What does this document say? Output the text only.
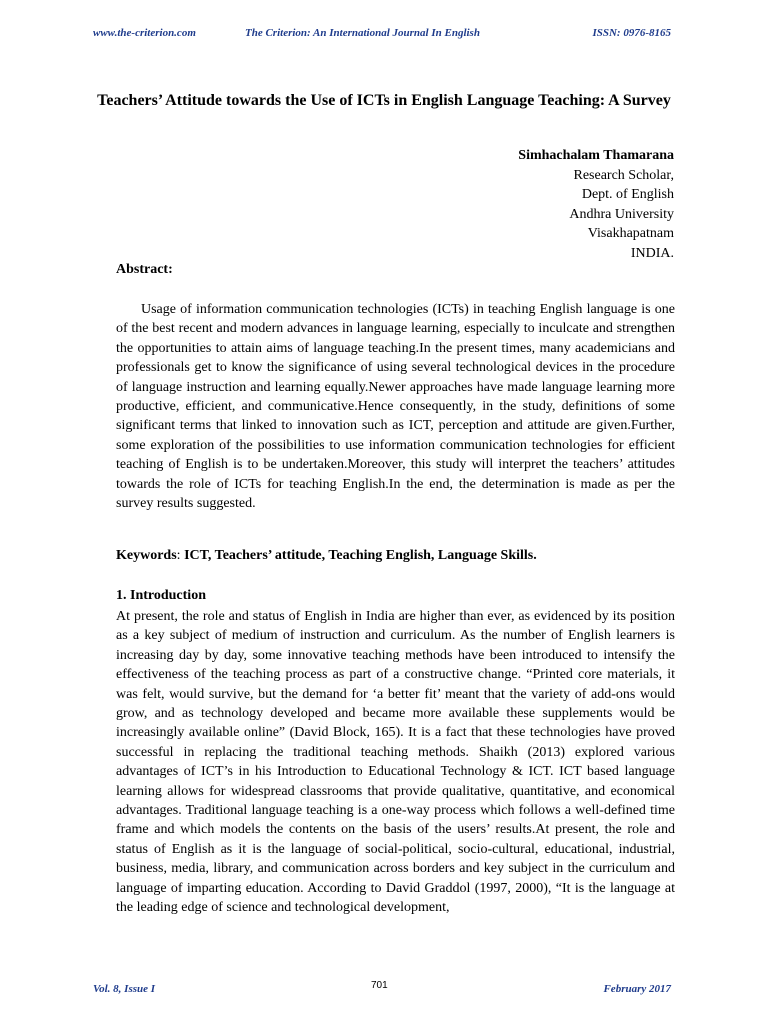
www.the-criterion.com	The Criterion: An International Journal In English	ISSN: 0976-8165
Teachers’ Attitude towards the Use of ICTs in English Language Teaching: A Survey
Simhachalam Thamarana
Research Scholar,
Dept. of English
Andhra University
Visakhapatnam
INDIA.
Abstract:

Usage of information communication technologies (ICTs) in teaching English language is one of the best recent and modern advances in language learning, especially to inculcate and strengthen the opportunities to attain aims of language teaching.In the present times, many academicians and professionals get to know the significance of using several technological devices in the procedure of language instruction and learning equally.Newer approaches have made language learning more productive, efficient, and communicative.Hence consequently, in the study, definitions of some significant terms that linked to innovation such as ICT, perception and attitude are given.Further, some exploration of the possibilities to use information communication technologies for efficient teaching of English is to be undertaken.Moreover, this study will interpret the teachers’ attitudes towards the role of ICTs for teaching English.In the end, the determination is made as per the survey results suggested.

Keywords: ICT, Teachers’ attitude, Teaching English, Language Skills.
1. Introduction

At present, the role and status of English in India are higher than ever, as evidenced by its position as a key subject of medium of instruction and curriculum. As the number of English learners is increasing day by day, some innovative teaching methods have been introduced to intensify the effectiveness of the teaching process as part of a constructive change. “Printed core materials, it was felt, would survive, but the demand for ‘a better fit’ meant that the variety of add-ons would grow, and as technology developed and became more available these supplements would be increasingly available online” (David Block, 165). It is a fact that these technologies have proved successful in replacing the traditional teaching methods. Shaikh (2013) explored various advantages of ICT’s in his Introduction to Educational Technology & ICT. ICT based language learning allows for widespread classrooms that provide qualitative, quantitative, and economical advantages. Traditional language teaching is a one-way process which follows a well-defined time frame and which models the contents on the basis of the users’ results.At present, the role and status of English as it is the language of social-political, socio-cultural, educational, industrial, business, media, library, and communication across borders and key subject in the curriculum and language of imparting education. According to David Graddol (1997, 2000), “It is the language at the leading edge of science and technological development,

Vol. 8, Issue I	701	February 2017
